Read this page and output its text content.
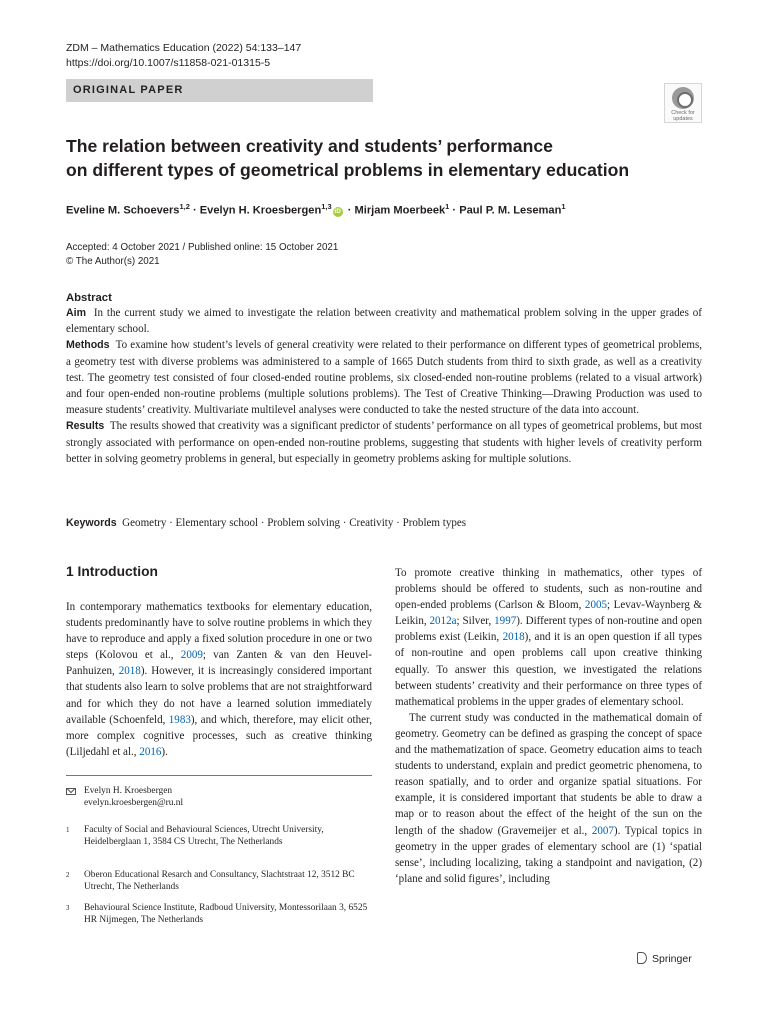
ZDM – Mathematics Education (2022) 54:133–147
https://doi.org/10.1007/s11858-021-01315-5
ORIGINAL PAPER
Check for updates
The relation between creativity and students’ performance
on different types of geometrical problems in elementary education
Eveline M. Schoevers$^{1,2}$ · Evelyn H. Kroesbergen$^{1,3}$iD · Mirjam Moerbeek$^1$ · Paul P. M. Leseman$^1$
Accepted: 4 October 2021 / Published online: 15 October 2021
© The Author(s) 2021
Abstract

Aim In the current study we aimed to investigate the relation between creativity and mathematical problem solving in the upper grades of elementary school.

Methods To examine how student’s levels of general creativity were related to their performance on different types of geometrical problems, a geometry test with diverse problems was administered to a sample of 1665 Dutch students from third to sixth grade, as well as a creativity test. The geometry test consisted of four closed-ended routine problems, six closed-ended non-routine problems (related to a visual artwork) and four open-ended non-routine problems (multiple solutions problems). The Test of Creative Thinking—Drawing Production was used to measure students’ creativity. Multivariate multilevel analyses were conducted to take the nested structure of the data into account.

Results The results showed that creativity was a significant predictor of students’ performance on all types of geometrical problems, but most strongly associated with performance on open-ended non-routine problems, suggesting that students with higher levels of creativity perform better in solving geometry problems in general, but especially in geometry problems asking for multiple solutions.

Keywords Geometry · Elementary school · Problem solving · Creativity · Problem types
1 Introduction

In contemporary mathematics textbooks for elementary education, students predominantly have to solve routine problems in which they have to reproduce and apply a fixed solution procedure in one or two steps (Kolovou et al., 2009; van Zanten & van den Heuvel-Panhuizen, 2018). However, it is increasingly considered important that students also learn to solve problems that are not straightforward and for which they do not have a learned solution immediately available (Schoenfeld, 1983), and which, therefore, may elicit other, more complex cognitive processes, such as creative thinking (Liljedahl et al., 2016).

Evelyn H. Kroesbergen
evelyn.kroesbergen@ru.nl
1 Faculty of Social and Behavioural Sciences, Utrecht University, Heidelberglaan 1, 3584 CS Utrecht, The Netherlands
2 Oberon Educational Resarch and Consultancy, Slachtstraat 12, 3512 BC Utrecht, The Netherlands
3 Behavioural Science Institute, Radboud University, Montessorilaan 3, 6525 HR Nijmegen, The Netherlands

To promote creative thinking in mathematics, other types of problems should be offered to students, such as non-routine and open-ended problems (Carlson & Bloom, 2005; Levav-Waynberg & Leikin, 2012a; Silver, 1997). Different types of non-routine and open problems exist (Leikin, 2018), and it is an open question if all types of non-routine and open problems call upon creative thinking equally. To answer this question, we investigated the relations between students’ creativity and their performance on three types of mathematical problems in the upper grades of elementary school.

The current study was conducted in the mathematical domain of geometry. Geometry can be defined as grasping the concept of space and the mathematization of space. Geometry education aims to teach students to understand, explain and predict geometric phenomena, to reason spatially, and to order and organize spatial situations. For example, it is considered important that students be able to draw a map or to reason about the effect of the height of the sun on the length of the shadow (Gravemeijer et al., 2007). Typical topics in geometry in the upper grades of elementary school are (1) ‘spatial sense’, including localizing, taking a standpoint and navigation, (2) ‘plane and solid figures’, including

Springer
